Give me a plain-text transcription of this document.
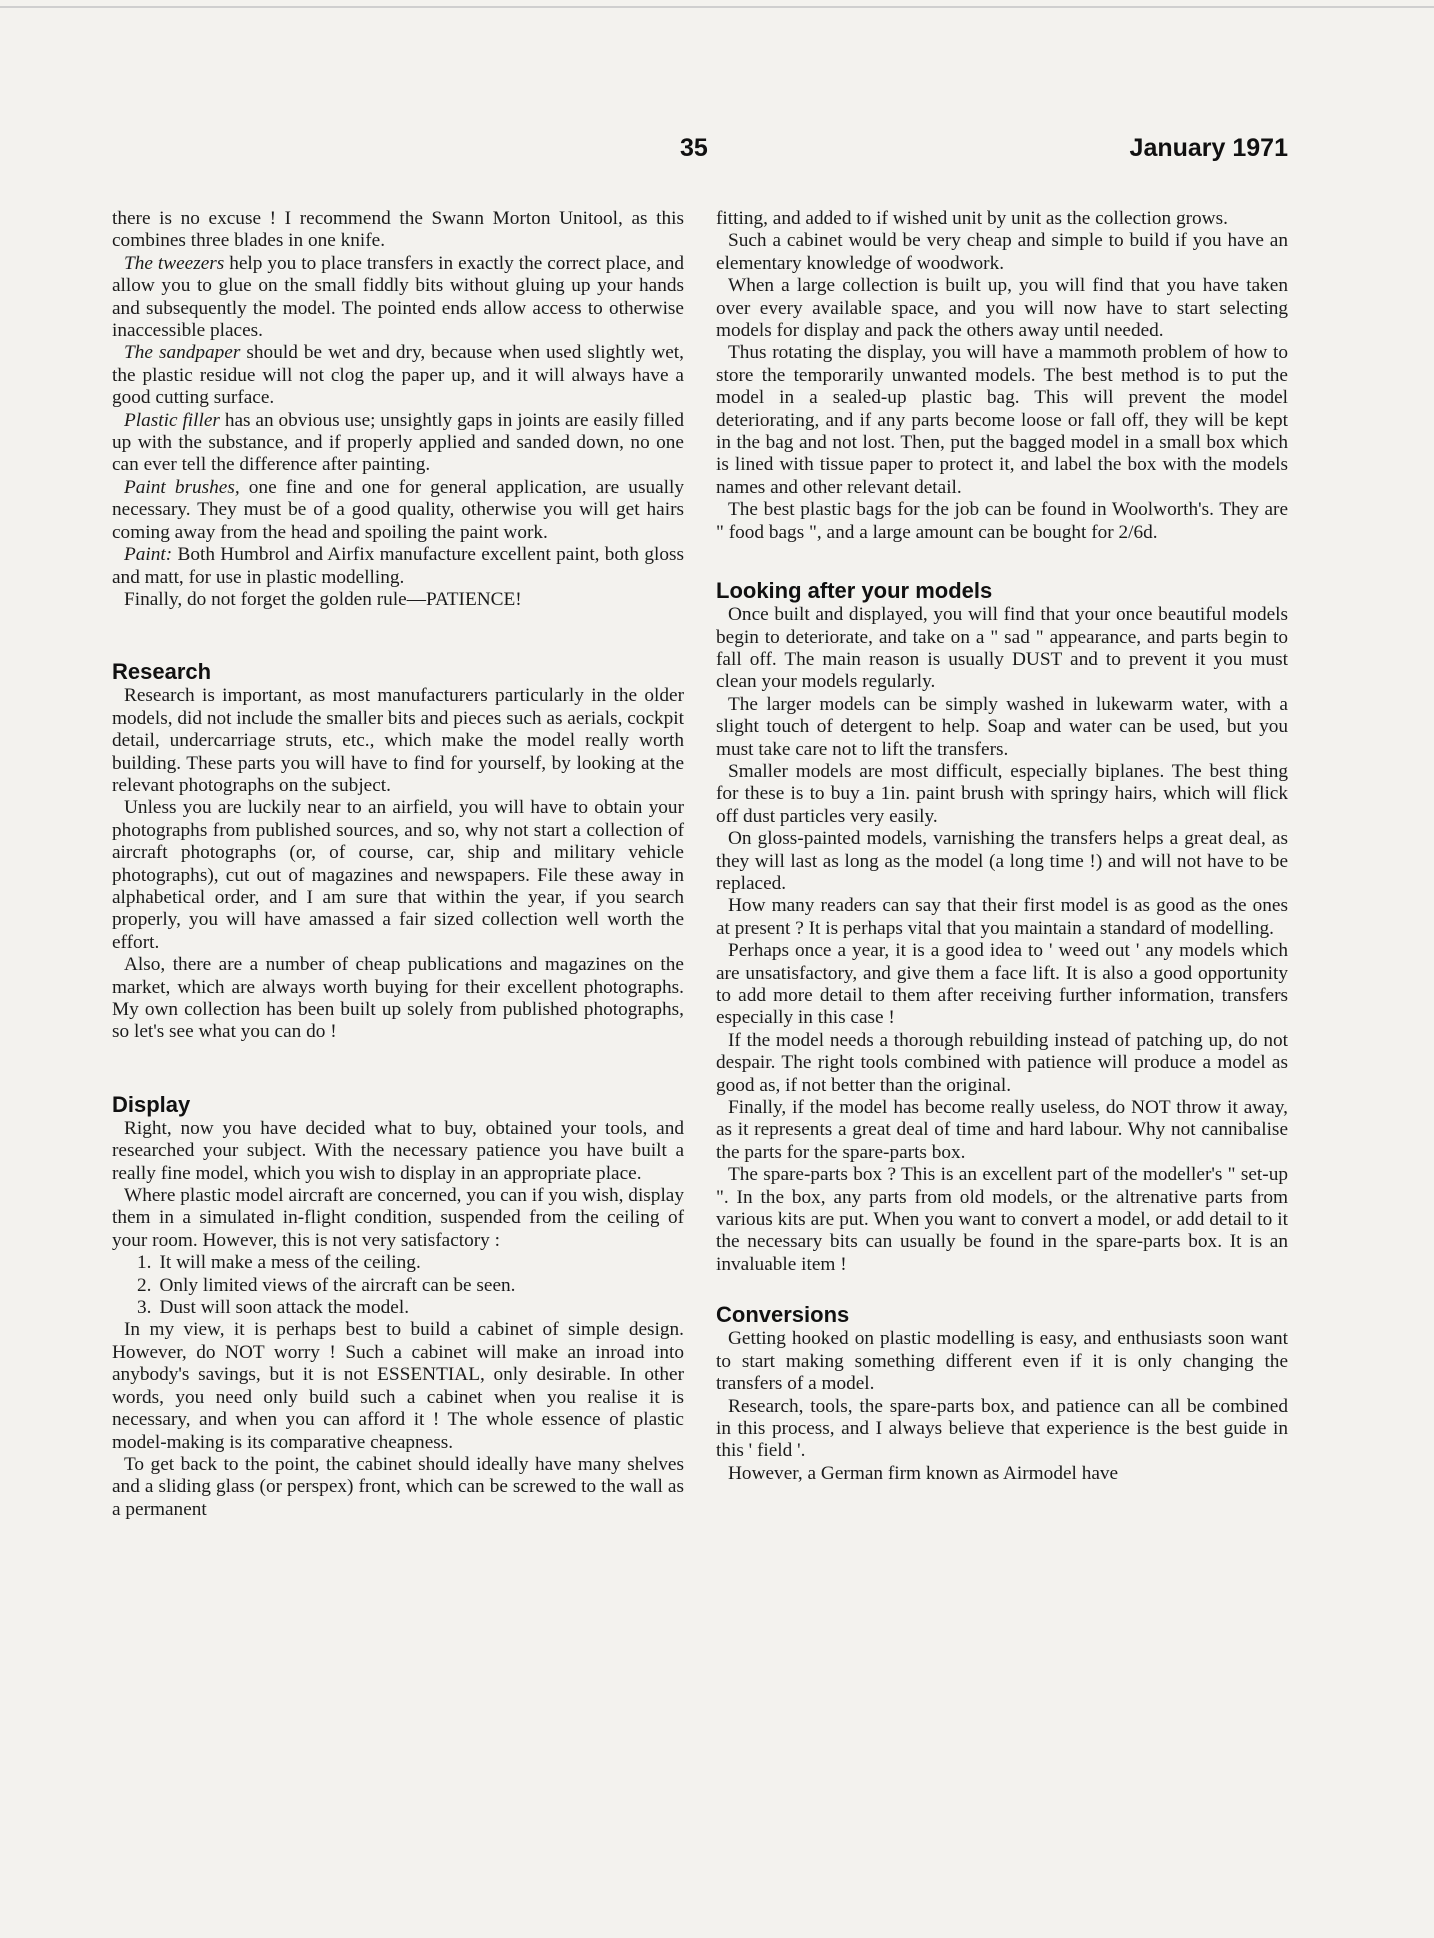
35	January 1971

there is no excuse ! I recommend the Swann Morton Unitool, as this combines three blades in one knife.

The tweezers help you to place transfers in exactly the correct place, and allow you to glue on the small fiddly bits without gluing up your hands and subsequently the model. The pointed ends allow access to otherwise inaccessible places.

The sandpaper should be wet and dry, because when used slightly wet, the plastic residue will not clog the paper up, and it will always have a good cutting surface.

Plastic filler has an obvious use; unsightly gaps in joints are easily filled up with the substance, and if properly applied and sanded down, no one can ever tell the difference after painting.

Paint brushes, one fine and one for general application, are usually necessary. They must be of a good quality, otherwise you will get hairs coming away from the head and spoiling the paint work.

Paint: Both Humbrol and Airfix manufacture excellent paint, both gloss and matt, for use in plastic modelling.

Finally, do not forget the golden rule—PATIENCE!

Research

Research is important, as most manufacturers particularly in the older models, did not include the smaller bits and pieces such as aerials, cockpit detail, undercarriage struts, etc., which make the model really worth building. These parts you will have to find for yourself, by looking at the relevant photographs on the subject.

Unless you are luckily near to an airfield, you will have to obtain your photographs from published sources, and so, why not start a collection of aircraft photographs (or, of course, car, ship and military vehicle photographs), cut out of magazines and newspapers. File these away in alphabetical order, and I am sure that within the year, if you search properly, you will have amassed a fair sized collection well worth the effort.

Also, there are a number of cheap publications and magazines on the market, which are always worth buying for their excellent photographs. My own collection has been built up solely from published photographs, so let's see what you can do !

Display

Right, now you have decided what to buy, obtained your tools, and researched your subject. With the necessary patience you have built a really fine model, which you wish to display in an appropriate place.

Where plastic model aircraft are concerned, you can if you wish, display them in a simulated in-flight condition, suspended from the ceiling of your room. However, this is not very satisfactory :

1. It will make a mess of the ceiling.
2. Only limited views of the aircraft can be seen.
3. Dust will soon attack the model.

In my view, it is perhaps best to build a cabinet of simple design. However, do NOT worry ! Such a cabinet will make an inroad into anybody's savings, but it is not ESSENTIAL, only desirable. In other words, you need only build such a cabinet when you realise it is necessary, and when you can afford it ! The whole essence of plastic model-making is its comparative cheapness.

To get back to the point, the cabinet should ideally have many shelves and a sliding glass (or perspex) front, which can be screwed to the wall as a permanent

fitting, and added to if wished unit by unit as the collection grows.

Such a cabinet would be very cheap and simple to build if you have an elementary knowledge of woodwork.

When a large collection is built up, you will find that you have taken over every available space, and you will now have to start selecting models for display and pack the others away until needed.

Thus rotating the display, you will have a mammoth problem of how to store the temporarily unwanted models. The best method is to put the model in a sealed-up plastic bag. This will prevent the model deteriorating, and if any parts become loose or fall off, they will be kept in the bag and not lost. Then, put the bagged model in a small box which is lined with tissue paper to protect it, and label the box with the models names and other relevant detail.

The best plastic bags for the job can be found in Woolworth's. They are " food bags ", and a large amount can be bought for 2/6d.

Looking after your models

Once built and displayed, you will find that your once beautiful models begin to deteriorate, and take on a " sad " appearance, and parts begin to fall off. The main reason is usually DUST and to prevent it you must clean your models regularly.

The larger models can be simply washed in lukewarm water, with a slight touch of detergent to help. Soap and water can be used, but you must take care not to lift the transfers.

Smaller models are most difficult, especially biplanes. The best thing for these is to buy a 1in. paint brush with springy hairs, which will flick off dust particles very easily.

On gloss-painted models, varnishing the transfers helps a great deal, as they will last as long as the model (a long time !) and will not have to be replaced.

How many readers can say that their first model is as good as the ones at present ? It is perhaps vital that you maintain a standard of modelling.

Perhaps once a year, it is a good idea to ' weed out ' any models which are unsatisfactory, and give them a face lift. It is also a good opportunity to add more detail to them after receiving further information, transfers especially in this case !

If the model needs a thorough rebuilding instead of patching up, do not despair. The right tools combined with patience will produce a model as good as, if not better than the original.

Finally, if the model has become really useless, do NOT throw it away, as it represents a great deal of time and hard labour. Why not cannibalise the parts for the spare-parts box.

The spare-parts box ? This is an excellent part of the modeller's " set-up ". In the box, any parts from old models, or the altrenative parts from various kits are put. When you want to convert a model, or add detail to it the necessary bits can usually be found in the spare-parts box. It is an invaluable item !

Conversions

Getting hooked on plastic modelling is easy, and enthusiasts soon want to start making something different even if it is only changing the transfers of a model.

Research, tools, the spare-parts box, and patience can all be combined in this process, and I always believe that experience is the best guide in this ' field '.

However, a German firm known as Airmodel have
